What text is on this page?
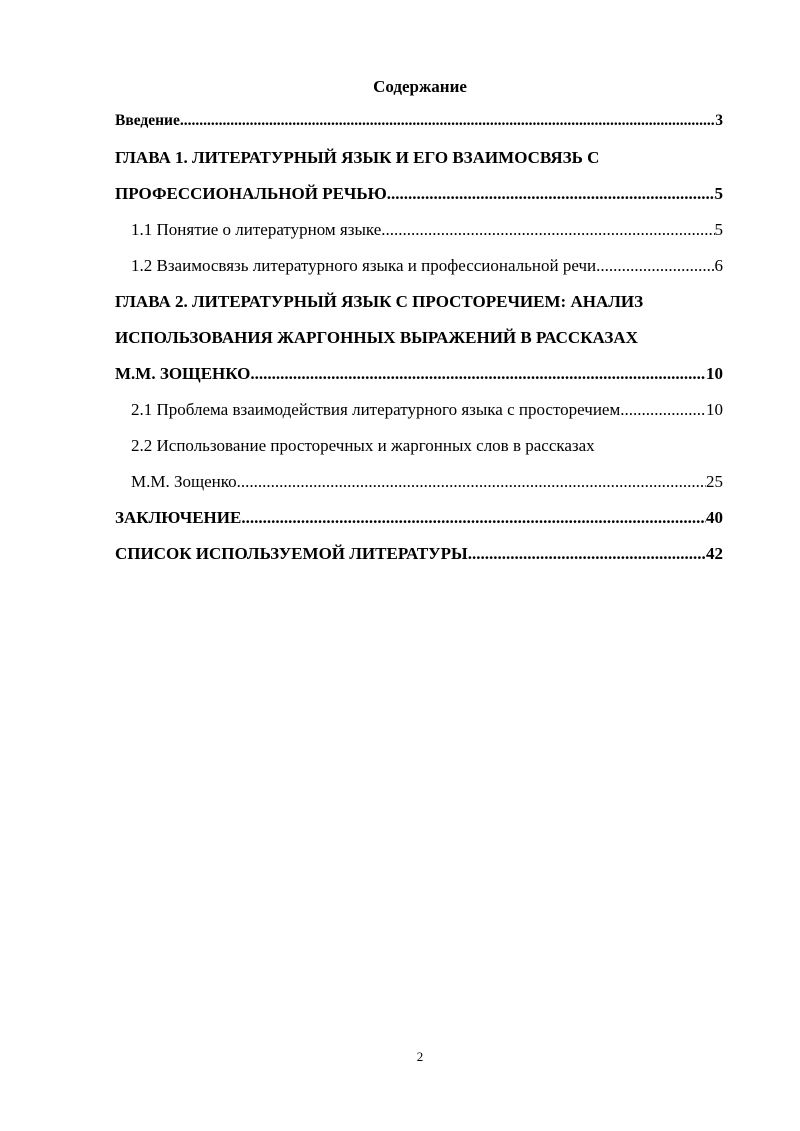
Содержание
Введение .....	3
ГЛАВА 1. ЛИТЕРАТУРНЫЙ ЯЗЫК И ЕГО ВЗАИМОСВЯЗЬ С
ПРОФЕССИОНАЛЬНОЙ РЕЧЬЮ .....	5
1.1 Понятие о литературном языке .....	5
1.2 Взаимосвязь литературного языка и профессиональной речи .....	6
ГЛАВА 2. ЛИТЕРАТУРНЫЙ ЯЗЫК С ПРОСТОРЕЧИЕМ: АНАЛИЗ
ИСПОЛЬЗОВАНИЯ ЖАРГОННЫХ ВЫРАЖЕНИЙ В РАССКАЗАХ
М.М. ЗОЩЕНКО .....	10
2.1 Проблема взаимодействия литературного языка с просторечием .....	10
2.2 Использование просторечных и жаргонных слов в рассказах
М.М. Зощенко .....	25
ЗАКЛЮЧЕНИЕ .....	40
СПИСОК ИСПОЛЬЗУЕМОЙ ЛИТЕРАТУРЫ .....	42
2
